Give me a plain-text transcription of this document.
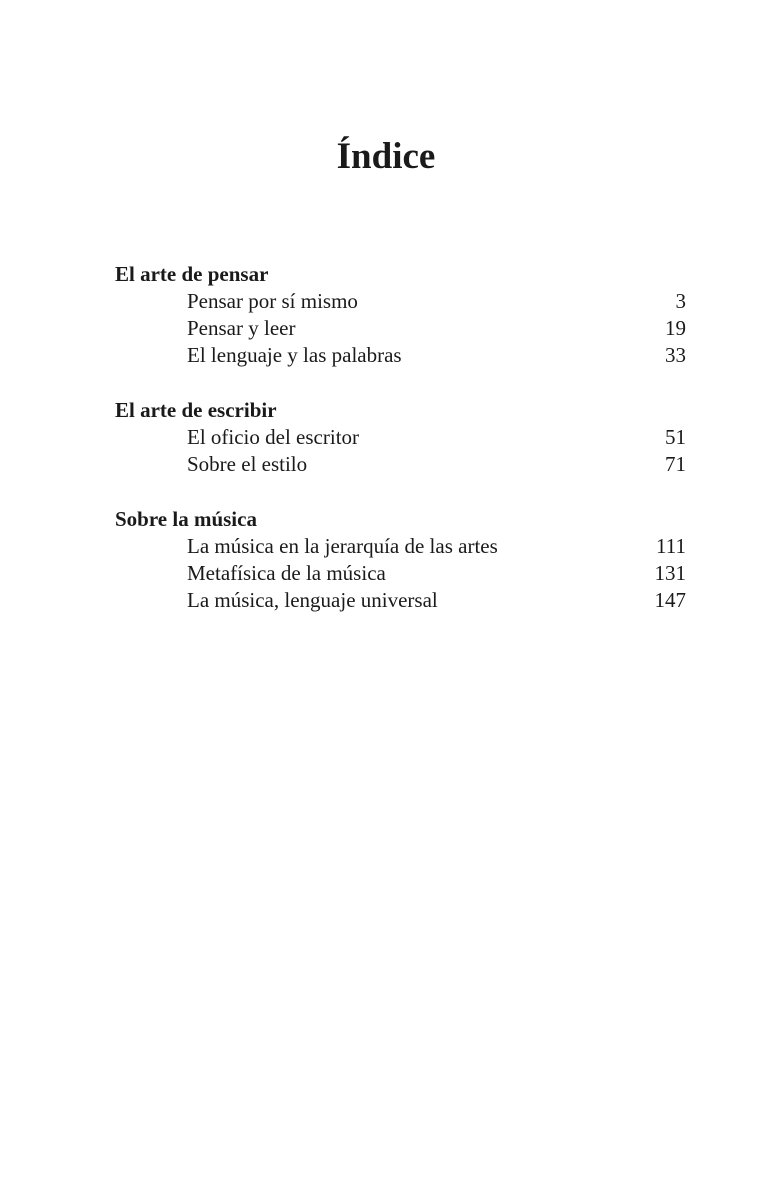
Índice
El arte de pensar
Pensar por sí mismo	3
Pensar y leer	19
El lenguaje y las palabras	33
El arte de escribir
El oficio del escritor	51
Sobre el estilo	71
Sobre la música
La música en la jerarquía de las artes	111
Metafísica de la música	131
La música, lenguaje universal	147
